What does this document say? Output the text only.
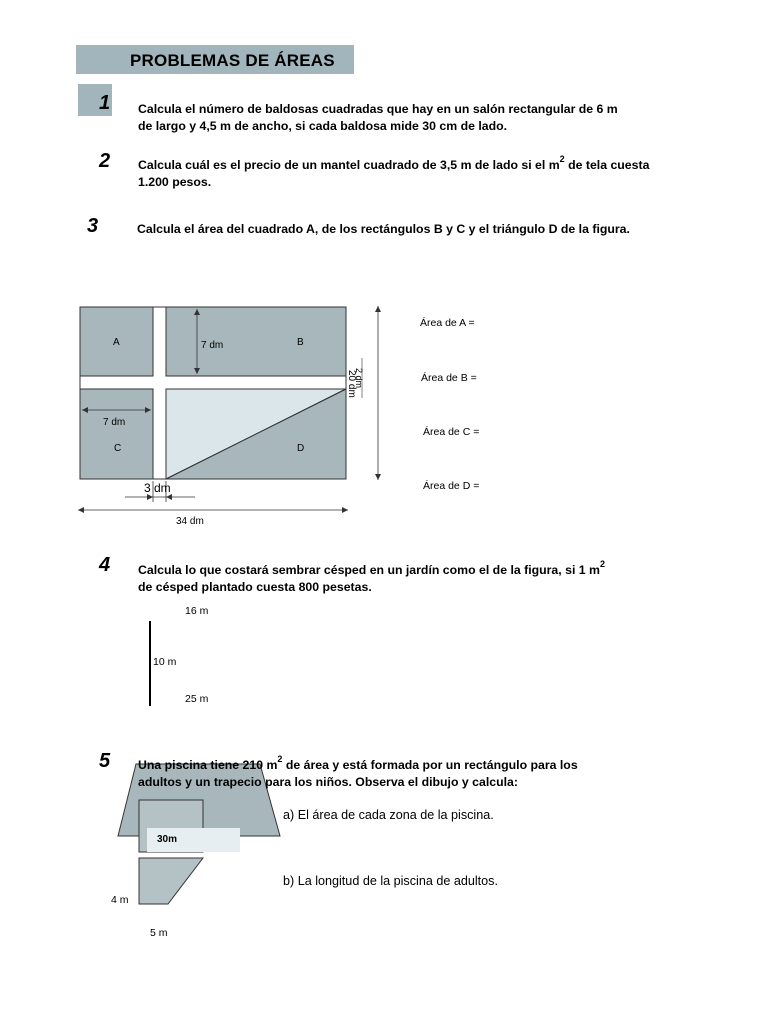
PROBLEMAS DE ÁREAS
1 Calcula el número de baldosas cuadradas que hay en un salón rectangular de 6 m
de largo y 4,5 m de ancho, si cada baldosa mide 30 cm de lado.
2 Calcula cuál es el precio de un mantel cuadrado de 3,5 m de lado si el $m^2$ de tela cuesta
1.200 pesos.
3	Calcula el área del cuadrado A, de los rectángulos B y C y el triángulo D de la figura.
A	B
C	D
7 dm
7 dm
3 dm
34 dm
20 dm
2 dm
Área de A =
Área de B =
Área de C =
Área de D =
4 Calcula lo que costará sembrar césped en un jardín como el de la figura, si 1 $m^2$
de césped plantado cuesta 800 pesetas.
16 m
10 m
25 m
30m
4 m
5 m
5 Una piscina tiene 210 $m^2$ de área y está formada por un rectángulo para los
adultos y un trapecio para los niños. Observa el dibujo y calcula:
a) El área de cada zona de la piscina.
b) La longitud de la piscina de adultos.
